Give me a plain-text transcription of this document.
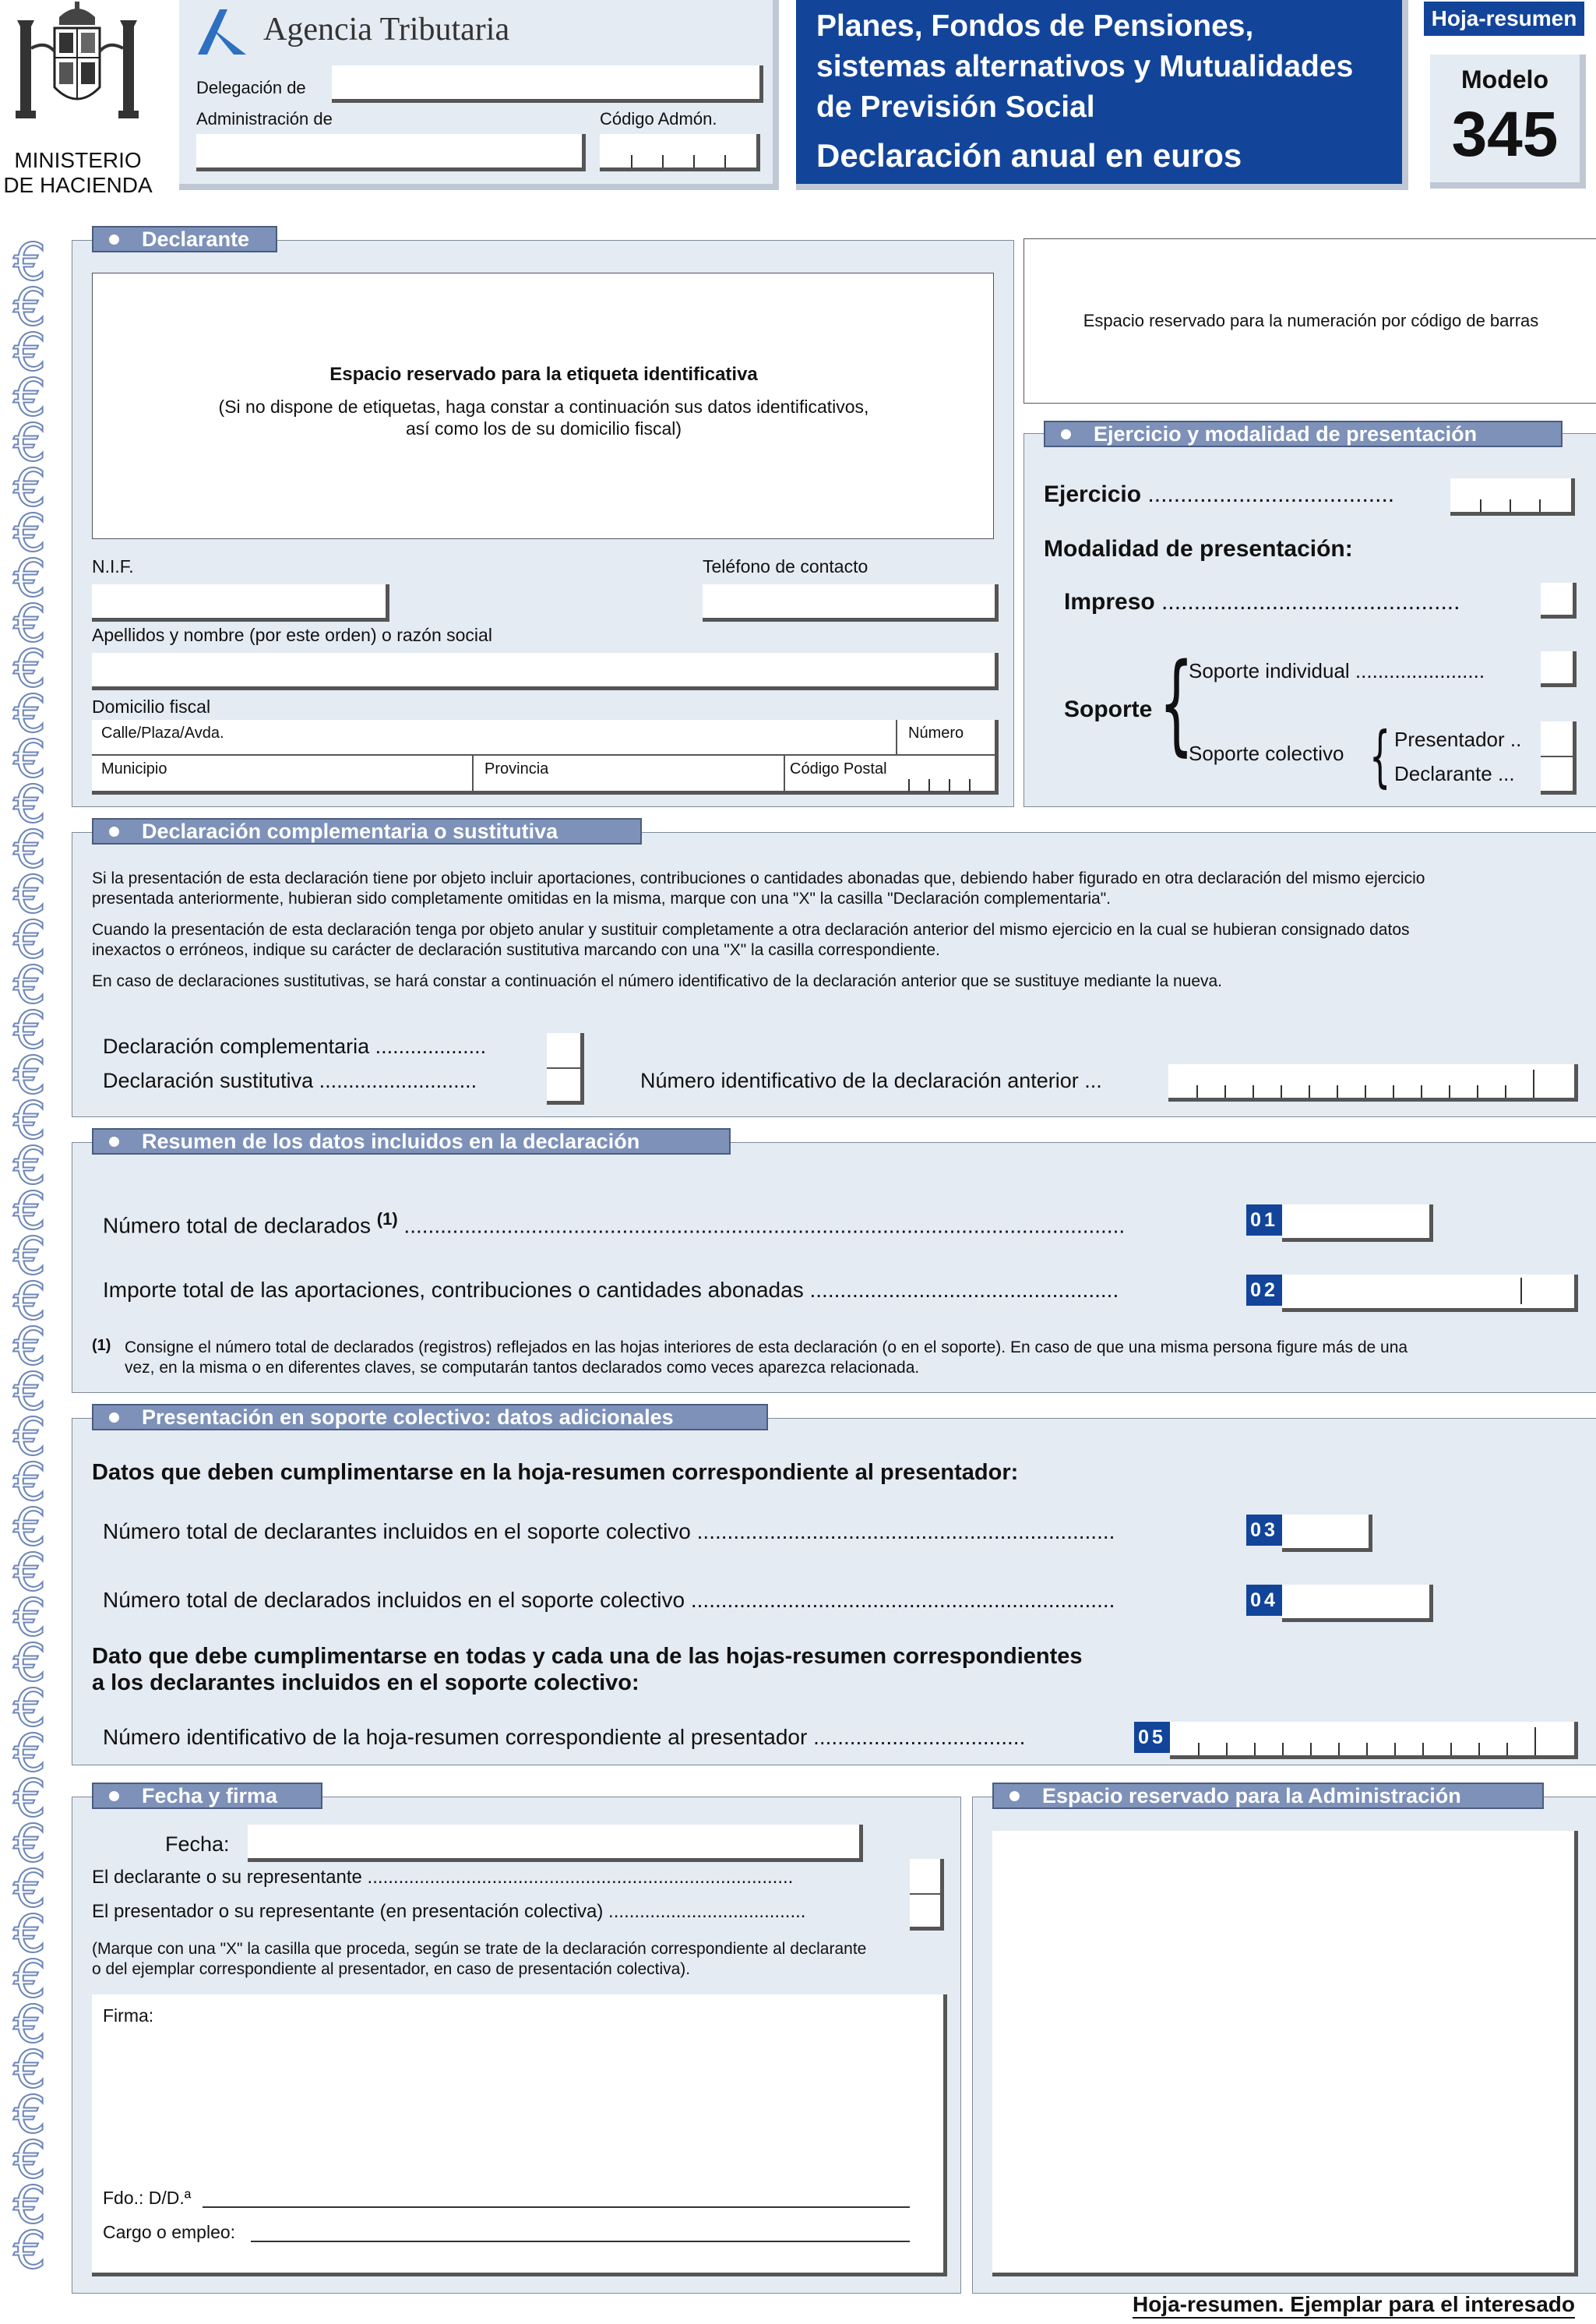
€
€
€
€
€
€
€
€
€
€
€
€
€
€
€
€
€
€
€
€
€
€
€
€
€
€
€
€
€
€
€
€
€
€
€
€
€
€
€
€
€
€
€
€
€
MINISTERIO
DE HACIENDA
Agencia Tributaria
Delegación de
Administración de	Código Admón.
Planes, Fondos de Pensiones,
sistemas alternativos y Mutualidades
de Previsión Social
Declaración anual en euros
Hoja-resumen
Modelo
345
Declarante
Espacio reservado para la etiqueta identificativa
(Si no dispone de etiquetas, haga constar a continuación sus datos identificativos,
así como los de su domicilio fiscal)
N.I.F.	Teléfono de contacto
Apellidos y nombre (por este orden) o razón social
Domicilio fiscal
Calle/Plaza/Avda.	Número
Municipio	Provincia	Código Postal
Espacio reservado para la numeración por código de barras
Ejercicio y modalidad de presentación
Ejercicio ......................................
Modalidad de presentación:
Impreso ..............................................
Soporte {
Soporte individual .......................
Soporte colectivo { Presentador ..
Declarante ...
Declaración complementaria o sustitutiva
Si la presentación de esta declaración tiene por objeto incluir aportaciones, contribuciones o cantidades abonadas que, debiendo haber figurado en otra declaración del mismo ejercicio
presentada anteriormente, hubieran sido completamente omitidas en la misma, marque con una "X" la casilla "Declaración complementaria".
Cuando la presentación de esta declaración tenga por objeto anular y sustituir completamente a otra declaración anterior del mismo ejercicio en la cual se hubieran consignado datos
inexactos o erróneos, indique su carácter de declaración sustitutiva marcando con una "X" la casilla correspondiente.
En caso de declaraciones sustitutivas, se hará constar a continuación el número identificativo de la declaración anterior que se sustituye mediante la nueva.
Declaración complementaria ...................
Declaración sustitutiva ...........................	Número identificativo de la declaración anterior ...
Resumen de los datos incluidos en la declaración
Número total de declarados $^{(1)}$ .......................................................................................................................	01
Importe total de las aportaciones, contribuciones o cantidades abonadas ...................................................	02
(1) Consigne el número total de declarados (registros) reflejados en las hojas interiores de esta declaración (o en el soporte). En caso de que una misma persona figure más de una
vez, en la misma o en diferentes claves, se computarán tantos declarados como veces aparezca relacionada.
Presentación en soporte colectivo: datos adicionales
Datos que deben cumplimentarse en la hoja-resumen correspondiente al presentador:
Número total de declarantes incluidos en el soporte colectivo .....................................................................	03
Número total de declarados incluidos en el soporte colectivo ......................................................................	04
Dato que debe cumplimentarse en todas y cada una de las hojas-resumen correspondientes
a los declarantes incluidos en el soporte colectivo:
Número identificativo de la hoja-resumen correspondiente al presentador ...................................	05
Fecha y firma
Fecha:
El declarante o su representante ..................................................................................
El presentador o su representante (en presentación colectiva) ......................................
(Marque con una "X" la casilla que proceda, según se trate de la declaración correspondiente al declarante
o del ejemplar correspondiente al presentador, en caso de presentación colectiva).
Firma:
Fdo.: D/D.ª
Cargo o empleo:
Espacio reservado para la Administración
Hoja-resumen. Ejemplar para el interesado
